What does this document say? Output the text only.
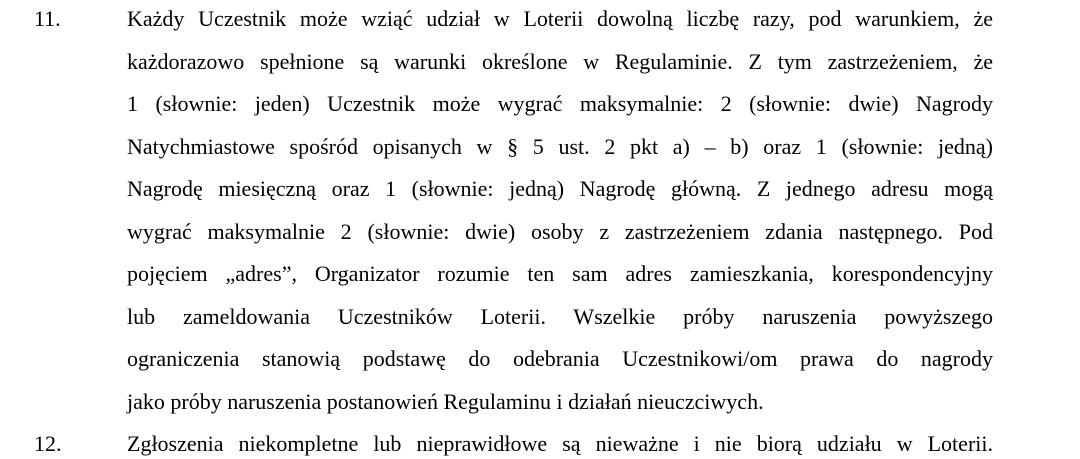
11.	Każdy Uczestnik może wziąć udział w Loterii dowolną liczbę razy, pod warunkiem, że
każdorazowo spełnione są warunki określone w Regulaminie. Z tym zastrzeżeniem, że
1 (słownie: jeden) Uczestnik może wygrać maksymalnie: 2 (słownie: dwie) Nagrody
Natychmiastowe spośród opisanych w § 5 ust. 2 pkt a) – b) oraz 1 (słownie: jedną)
Nagrodę miesięczną oraz 1 (słownie: jedną) Nagrodę główną. Z jednego adresu mogą
wygrać maksymalnie 2 (słownie: dwie) osoby z zastrzeżeniem zdania następnego. Pod
pojęciem „adres”, Organizator rozumie ten sam adres zamieszkania, korespondencyjny
lub zameldowania Uczestników Loterii. Wszelkie próby naruszenia powyższego
ograniczenia stanowią podstawę do odebrania Uczestnikowi/om prawa do nagrody
jako próby naruszenia postanowień Regulaminu i działań nieuczciwych.
12.	Zgłoszenia niekompletne lub nieprawidłowe są nieważne i nie biorą udziału w Loterii.
